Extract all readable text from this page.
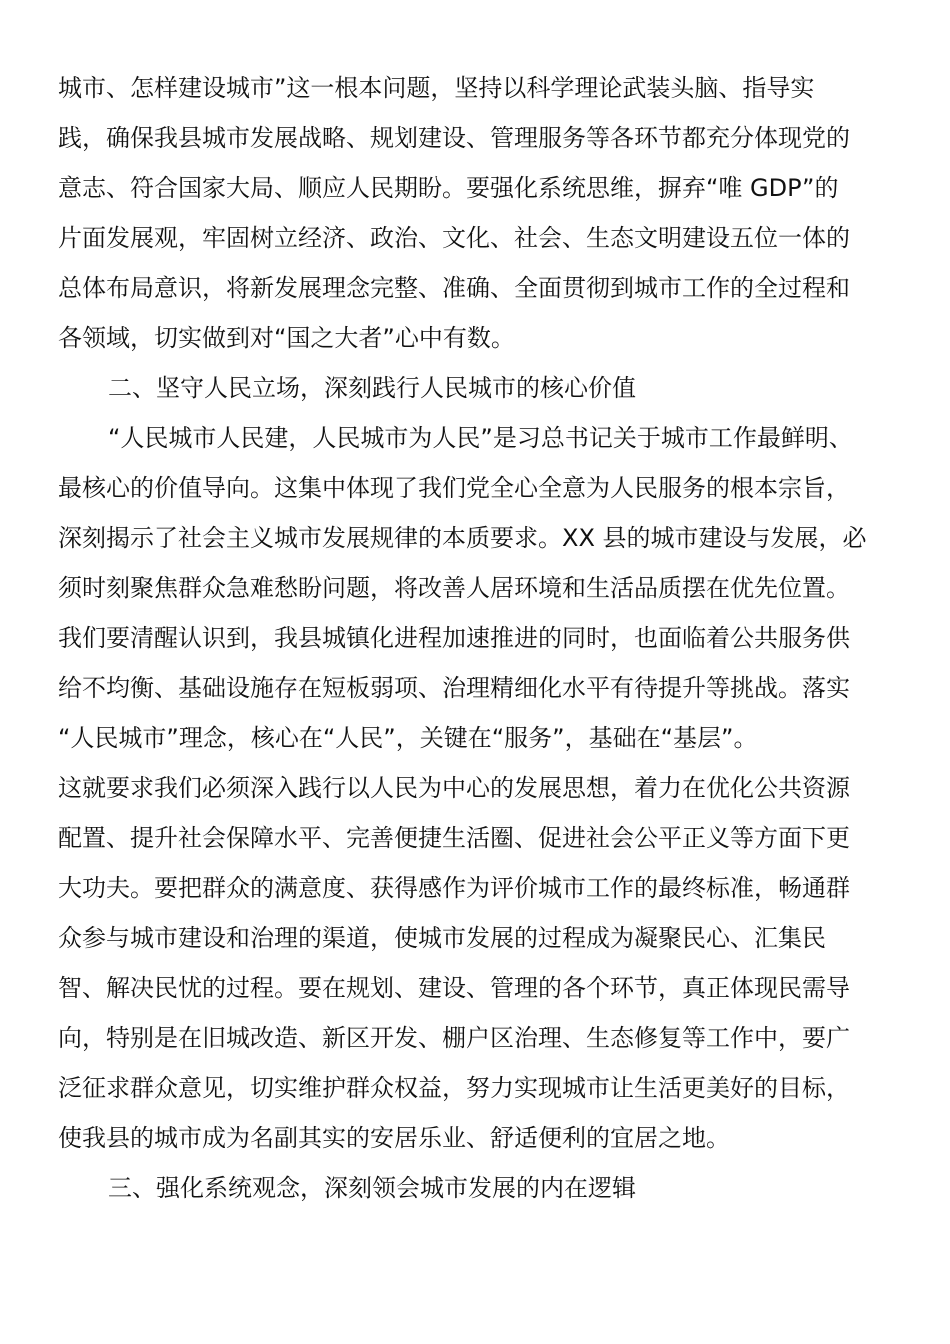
城市、怎样建设城市”这一根本问题，坚持以科学理论武装头脑、指导实
践，确保我县城市发展战略、规划建设、管理服务等各环节都充分体现党的
意志、符合国家大局、顺应人民期盼。要强化系统思维，摒弃“唯 GDP”的
片面发展观，牢固树立经济、政治、文化、社会、生态文明建设五位一体的
总体布局意识，将新发展理念完整、准确、全面贯彻到城市工作的全过程和
各领域，切实做到对“国之大者”心中有数。
二、坚守人民立场，深刻践行人民城市的核心价值
“人民城市人民建，人民城市为人民”是习总书记关于城市工作最鲜明、
最核心的价值导向。这集中体现了我们党全心全意为人民服务的根本宗旨，
深刻揭示了社会主义城市发展规律的本质要求。XX 县的城市建设与发展，必
须时刻聚焦群众急难愁盼问题，将改善人居环境和生活品质摆在优先位置。
我们要清醒认识到，我县城镇化进程加速推进的同时，也面临着公共服务供
给不均衡、基础设施存在短板弱项、治理精细化水平有待提升等挑战。落实
“人民城市”理念，核心在“人民”，关键在“服务”，基础在“基层”。
这就要求我们必须深入践行以人民为中心的发展思想，着力在优化公共资源
配置、提升社会保障水平、完善便捷生活圈、促进社会公平正义等方面下更
大功夫。要把群众的满意度、获得感作为评价城市工作的最终标准，畅通群
众参与城市建设和治理的渠道，使城市发展的过程成为凝聚民心、汇集民
智、解决民忧的过程。要在规划、建设、管理的各个环节，真正体现民需导
向，特别是在旧城改造、新区开发、棚户区治理、生态修复等工作中，要广
泛征求群众意见，切实维护群众权益，努力实现城市让生活更美好的目标，
使我县的城市成为名副其实的安居乐业、舒适便利的宜居之地。
三、强化系统观念，深刻领会城市发展的内在逻辑
